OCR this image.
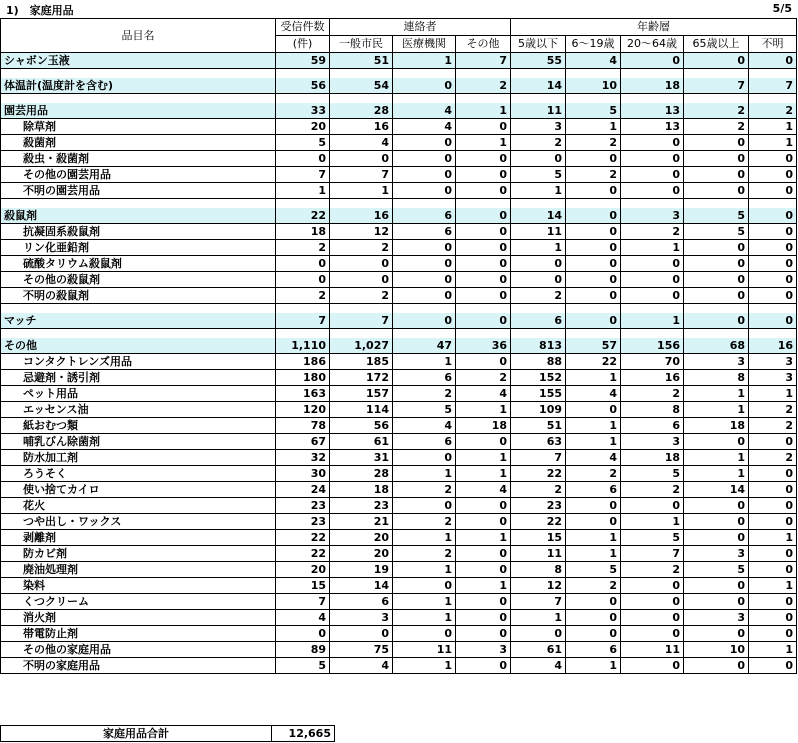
1)　家庭用品	5/5
品目名	受信件数	連絡者			年齢層				
	(件)	一般市民	医療機関	その他	5歳以下	6～19歳	20～64歳	65歳以上	不明
シャボン玉液	59	51	1	7	55	4	0	0	0

体温計(温度計を含む)	56	54	0	2	14	10	18	7	7

園芸用品	33	28	4	1	11	5	13	2	2
除草剤	20	16	4	0	3	1	13	2	1
殺菌剤	5	4	0	1	2	2	0	0	1
殺虫・殺菌剤	0	0	0	0	0	0	0	0	0
その他の園芸用品	7	7	0	0	5	2	0	0	0
不明の園芸用品	1	1	0	0	1	0	0	0	0

殺鼠剤	22	16	6	0	14	0	3	5	0
抗凝固系殺鼠剤	18	12	6	0	11	0	2	5	0
リン化亜鉛剤	2	2	0	0	1	0	1	0	0
硫酸タリウム殺鼠剤	0	0	0	0	0	0	0	0	0
その他の殺鼠剤	0	0	0	0	0	0	0	0	0
不明の殺鼠剤	2	2	0	0	2	0	0	0	0

マッチ	7	7	0	0	6	0	1	0	0

その他	1,110	1,027	47	36	813	57	156	68	16
コンタクトレンズ用品	186	185	1	0	88	22	70	3	3
忌避剤・誘引剤	180	172	6	2	152	1	16	8	3
ペット用品	163	157	2	4	155	4	2	1	1
エッセンス油	120	114	5	1	109	0	8	1	2
紙おむつ類	78	56	4	18	51	1	6	18	2
哺乳びん除菌剤	67	61	6	0	63	1	3	0	0
防水加工剤	32	31	0	1	7	4	18	1	2
ろうそく	30	28	1	1	22	2	5	1	0
使い捨てカイロ	24	18	2	4	2	6	2	14	0
花火	23	23	0	0	23	0	0	0	0
つや出し・ワックス	23	21	2	0	22	0	1	0	0
剥離剤	22	20	1	1	15	1	5	0	1
防カビ剤	22	20	2	0	11	1	7	3	0
廃油処理剤	20	19	1	0	8	5	2	5	0
染料	15	14	0	1	12	2	0	0	1
くつクリーム	7	6	1	0	7	0	0	0	0
消火剤	4	3	1	0	1	0	0	3	0
帯電防止剤	0	0	0	0	0	0	0	0	0
その他の家庭用品	89	75	11	3	61	6	11	10	1
不明の家庭用品	5	4	1	0	4	1	0	0	0
家庭用品合計	12,665
